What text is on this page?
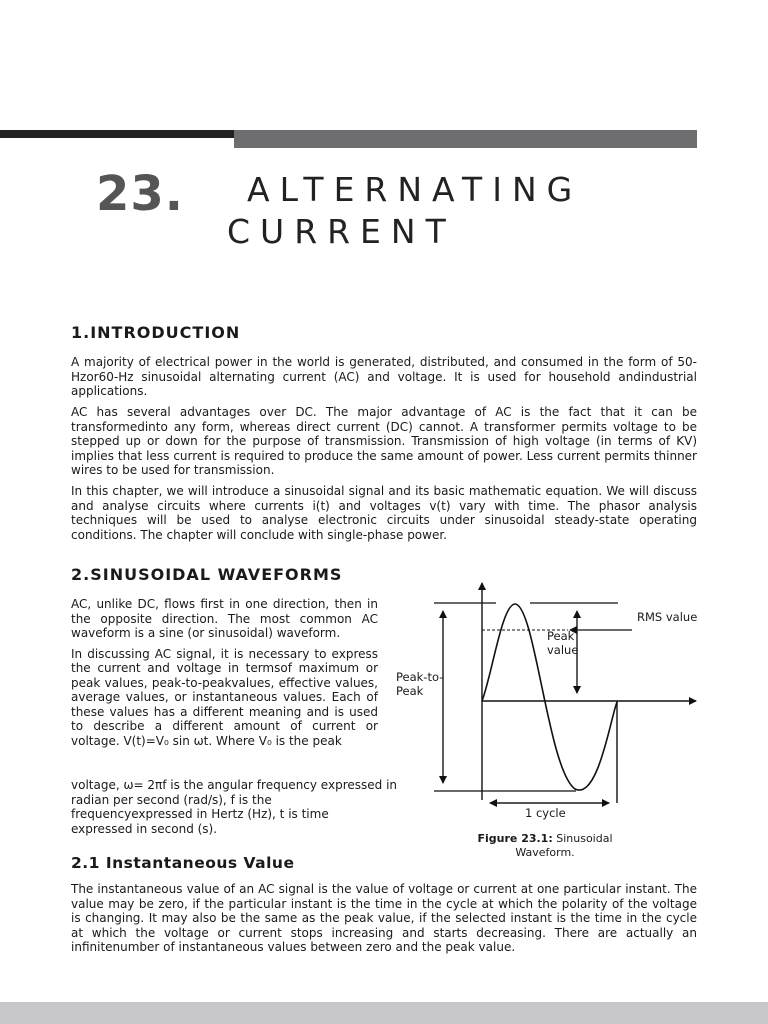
23. ALTERNATING
CURRENT
1.INTRODUCTION

A majority of electrical power in the world is generated, distributed, and consumed in the form of 50-Hzor60-Hz sinusoidal alternating current (AC) and voltage. It is used for household andindustrial applications.

AC has several advantages over DC. The major advantage of AC is the fact that it can be transformedinto any form, whereas direct current (DC) cannot. A transformer permits voltage to be stepped up or down for the purpose of transmission. Transmission of high voltage (in terms of KV) implies that less current is required to produce the same amount of power. Less current permits thinner wires to be used for transmission.

In this chapter, we will introduce a sinusoidal signal and its basic mathematic equation. We will discuss and analyse circuits where currents i(t) and voltages v(t) vary with time. The phasor analysis techniques will be used to analyse electronic circuits under sinusoidal steady-state operating conditions. The chapter will conclude with single-phase power.

2.SINUSOIDAL WAVEFORMS

AC, unlike DC, flows first in one direction, then in the opposite direction. The most common AC waveform is a sine (or sinusoidal) waveform.

In discussing AC signal, it is necessary to express the current and voltage in termsof maximum or peak values, peak-to-peakvalues, effective values, average values, or instantaneous values. Each of these values has a different meaning and is used to describe a different amount of current or voltage. V(t)=V₀ sin ωt. Where V₀ is the peak

voltage, ω= 2πf is the angular frequency expressed in
radian per second (rad/s), f is the
frequencyexpressed in Hertz (Hz), t is time
expressed in second (s).

RMS value
Peak
value
Peak-to-
Peak
1 cycle
Figure 23.1: Sinusoidal Waveform.
2.1 Instantaneous Value

The instantaneous value of an AC signal is the value of voltage or current at one particular instant. The value may be zero, if the particular instant is the time in the cycle at which the polarity of the voltage is changing. It may also be the same as the peak value, if the selected instant is the time in the cycle at which the voltage or current stops increasing and starts decreasing. There are actually an infinitenumber of instantaneous values between zero and the peak value.
